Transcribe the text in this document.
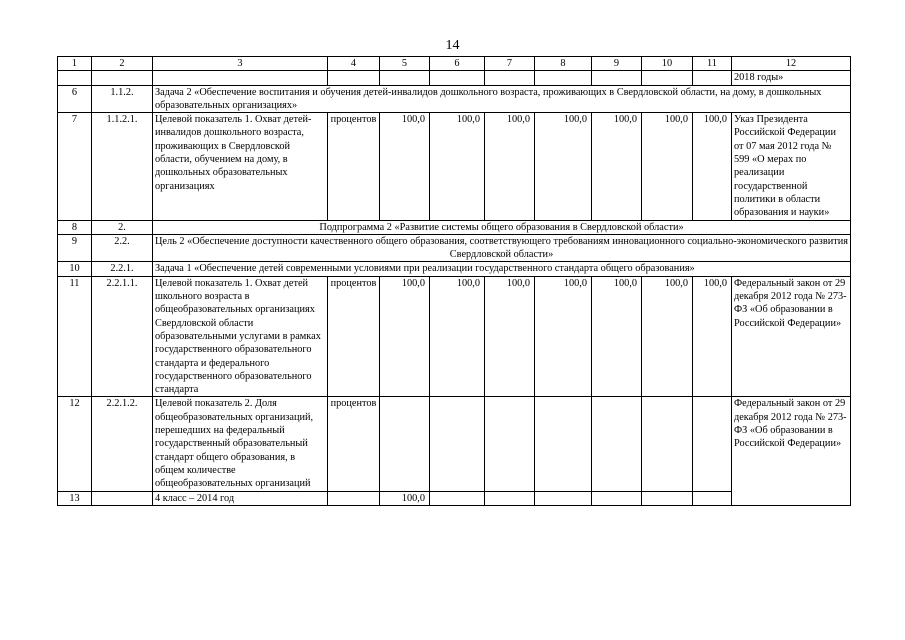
14
1	2	3	4	5	6	7	8	9	10	11	12
											2018 годы»
6	1.1.2.	Задача 2 «Обеспечение воспитания и обучения детей-инвалидов дошкольного возраста, проживающих в Свердловской области, на дому, в дошкольных образовательных организациях»									
7	1.1.2.1.	Целевой показатель 1. Охват детей-инвалидов дошкольного возраста, проживающих в Свердловской области, обучением на дому, в дошкольных образовательных организациях	процентов	100,0	100,0	100,0	100,0	100,0	100,0	100,0	Указ Президента Российской Федерации от 07 мая 2012 года № 599 «О мерах по реализации государственной политики в области образования и науки»
8	2.	Подпрограмма 2 «Развитие системы общего образования в Свердловской области»									
9	2.2.	Цель 2 «Обеспечение доступности качественного общего образования, соответствующего требованиям инновационного социально-экономического развития Свердловской области»									
10	2.2.1.	Задача 1 «Обеспечение детей современными условиями при реализации государственного стандарта общего образования»									
11	2.2.1.1.	Целевой показатель 1. Охват детей школьного возраста в общеобразовательных организациях Свердловской области образовательными услугами в рамках государственного образовательного стандарта и федерального государственного образовательного стандарта	процентов	100,0	100,0	100,0	100,0	100,0	100,0	100,0	Федеральный закон от 29 декабря 2012 года № 273-ФЗ «Об образовании в Российской Федерации»
12	2.2.1.2.	Целевой показатель 2. Доля общеобразовательных организаций, перешедших на федеральный государственный образовательный стандарт общего образования, в общем количестве общеобразовательных организаций	процентов								Федеральный закон от 29 декабря 2012 года № 273-ФЗ «Об образовании в Российской Федерации»
13		4 класс – 2014 год		100,0							
